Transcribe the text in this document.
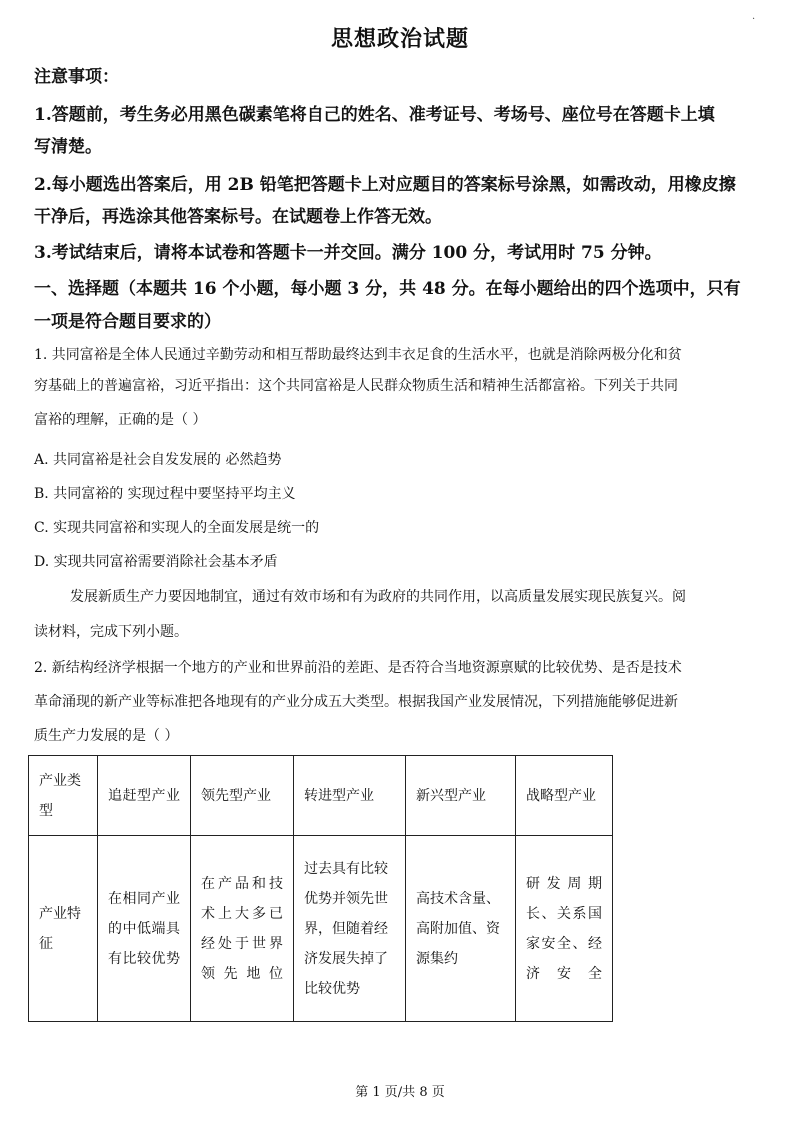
·
思想政治试题
注意事项：
1.答题前，考生务必用黑色碳素笔将自己的姓名、准考证号、考场号、座位号在答题卡上填
写清楚。
2.每小题选出答案后，用 2B 铅笔把答题卡上对应题目的答案标号涂黑，如需改动，用橡皮擦
干净后，再选涂其他答案标号。在试题卷上作答无效。
3.考试结束后，请将本试卷和答题卡一并交回。满分 100 分，考试用时 75 分钟。
一、选择题（本题共 16 个小题，每小题 3 分，共 48 分。在每小题给出的四个选项中，只有
一项是符合题目要求的）
1. 共同富裕是全体人民通过辛勤劳动和相互帮助最终达到丰衣足食的生活水平，也就是消除两极分化和贫
穷基础上的普遍富裕，习近平指出：这个共同富裕是人民群众物质生活和精神生活都富裕。下列关于共同
富裕的理解，正确的是（ ）
A. 共同富裕是社会自发发展的 必然趋势
B. 共同富裕的 实现过程中要坚持平均主义
C. 实现共同富裕和实现人的全面发展是统一的
D. 实现共同富裕需要消除社会基本矛盾
发展新质生产力要因地制宜，通过有效市场和有为政府的共同作用，以高质量发展实现民族复兴。阅
读材料，完成下列小题。
2. 新结构经济学根据一个地方的产业和世界前沿的差距、是否符合当地资源禀赋的比较优势、是否是技术
革命涌现的新产业等标准把各地现有的产业分成五大类型。根据我国产业发展情况，下列措施能够促进新
质生产力发展的是（ ）
产业类型	追赶型产业	领先型产业	转进型产业	新兴型产业	战略型产业
产业特征	在相同产业的中低端具有比较优势	在产品和技术上大多已经处于世界领先地位	过去具有比较优势并领先世界，但随着经济发展失掉了比较优势	高技术含量、高附加值、资源集约	研发周期长、关系国家安全、经济安全
第 1 页/共 8 页
